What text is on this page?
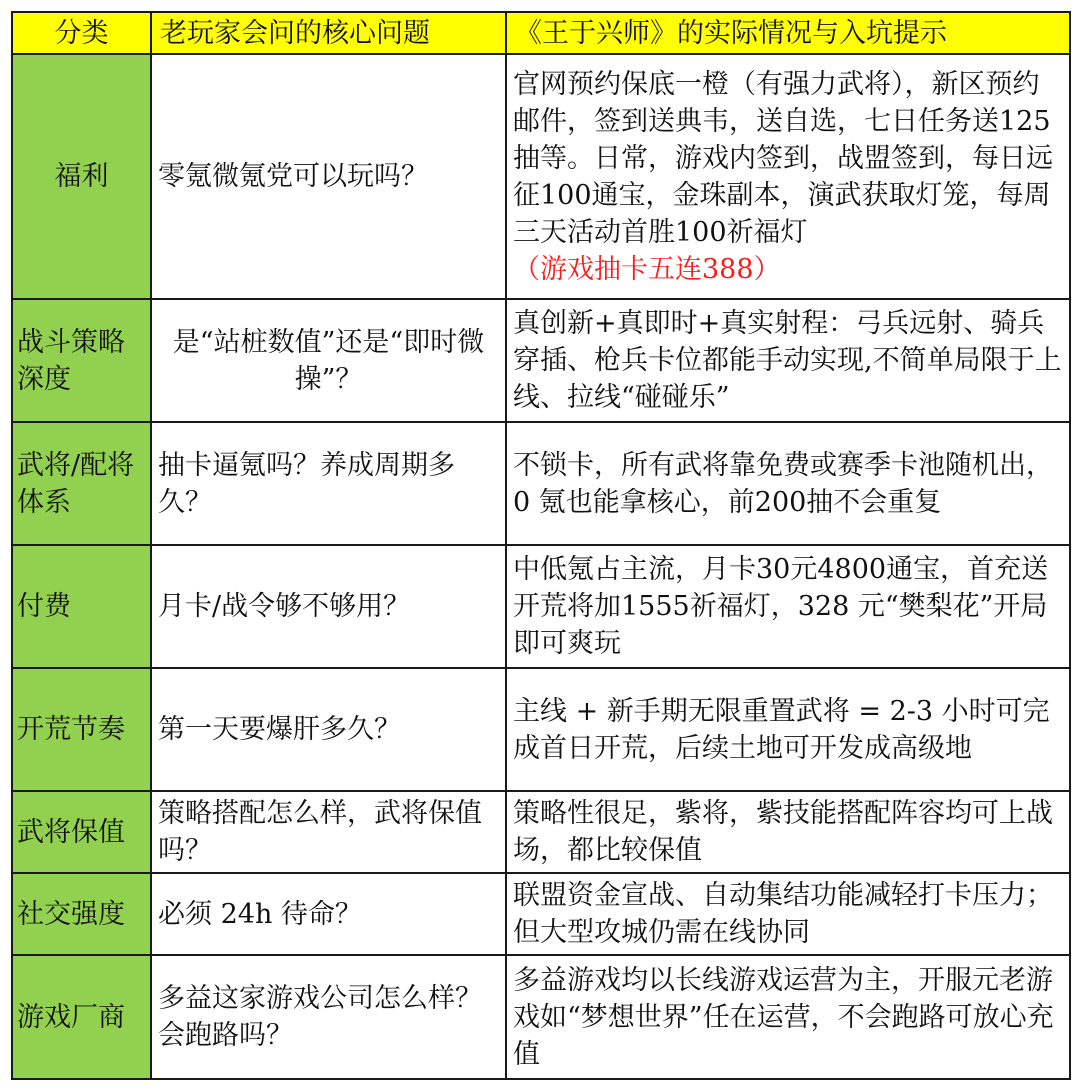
分类	老玩家会问的核心问题	《王于兴师》的实际情况与入坑提示
福利	零氪微氪党可以玩吗？	官网预约保底一橙（有强力武将），新区预约邮件，签到送典韦，送自选，七日任务送125抽等。日常，游戏内签到，战盟签到，每日远征100通宝，金珠副本，演武获取灯笼，每周三天活动首胜100祈福灯（游戏抽卡五连388）
战斗策略深度	是“站桩数值”还是“即时微操”？	真创新+真即时+真实射程：弓兵远射、骑兵穿插、枪兵卡位都能手动实现,不简单局限于上线、拉线“碰碰乐”
武将/配将体系	抽卡逼氪吗？养成周期多久？	不锁卡，所有武将靠免费或赛季卡池随机出，0 氪也能拿核心，前200抽不会重复
付费	月卡/战令够不够用？	中低氪占主流，月卡30元4800通宝，首充送开荒将加1555祈福灯，328 元“樊梨花”开局即可爽玩
开荒节奏	第一天要爆肝多久？	主线 + 新手期无限重置武将 = 2-3 小时可完成首日开荒，后续土地可开发成高级地
武将保值	策略搭配怎么样，武将保值吗？	策略性很足，紫将，紫技能搭配阵容均可上战场，都比较保值
社交强度	必须 24h 待命？	联盟资金宣战、自动集结功能减轻打卡压力；但大型攻城仍需在线协同
游戏厂商	多益这家游戏公司怎么样？会跑路吗？	多益游戏均以长线游戏运营为主，开服元老游戏如“梦想世界”任在运营，不会跑路可放心充值
